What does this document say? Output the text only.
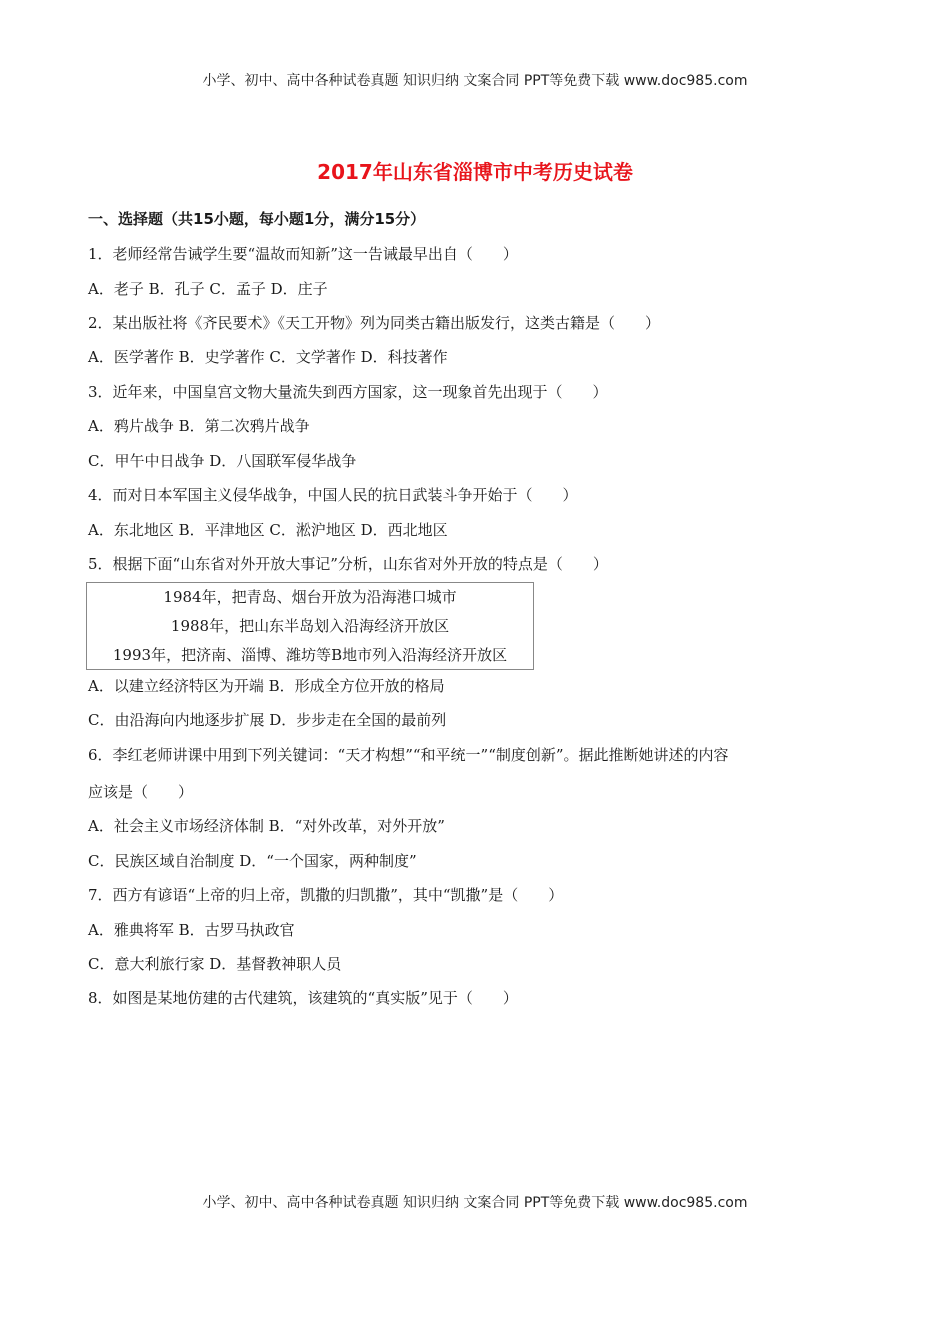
小学、初中、高中各种试卷真题 知识归纳 文案合同 PPT等免费下载 www.doc985.com
2017年山东省淄博市中考历史试卷
一、选择题（共15小题，每小题1分，满分15分）
1．老师经常告诫学生要“温故而知新”这一告诫最早出自（　　）
A．老子 B．孔子 C．孟子 D．庄子
2．某出版社将《齐民要术》《天工开物》列为同类古籍出版发行，这类古籍是（　　）
A．医学著作 B．史学著作 C．文学著作 D．科技著作
3．近年来，中国皇宫文物大量流失到西方国家，这一现象首先出现于（　　）
A．鸦片战争 B．第二次鸦片战争
C．甲午中日战争 D．八国联军侵华战争
4．而对日本军国主义侵华战争，中国人民的抗日武装斗争开始于（　　）
A．东北地区 B．平津地区 C．淞沪地区 D．西北地区
5．根据下面“山东省对外开放大事记”分析，山东省对外开放的特点是（　　）
1984年，把青岛、烟台开放为沿海港口城市
1988年，把山东半岛划入沿海经济开放区
1993年，把济南、淄博、潍坊等B地市列入沿海经济开放区
A．以建立经济特区为开端 B．形成全方位开放的格局
C．由沿海向内地逐步扩展 D．步步走在全国的最前列
6．李红老师讲课中用到下列关键词：“天才构想”“和平统一”“制度创新”。据此推断她讲述的内容
应该是（　　）
A．社会主义市场经济体制 B．“对外改革，对外开放”
C．民族区域自治制度 D．“一个国家，两种制度”
7．西方有谚语“上帝的归上帝，凯撒的归凯撒”，其中“凯撒”是（　　）
A．雅典将军 B．古罗马执政官
C．意大利旅行家 D．基督教神职人员
8．如图是某地仿建的古代建筑，该建筑的“真实版”见于（　　）
小学、初中、高中各种试卷真题 知识归纳 文案合同 PPT等免费下载 www.doc985.com
